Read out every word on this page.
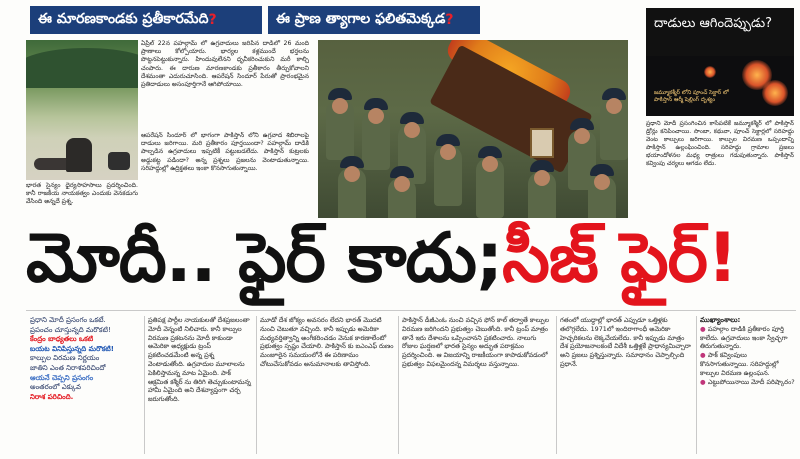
ఈ మారణకాండకు ప్రతీకారమేది ?	ఈ ప్రాణ త్యాగాల ఫలితమెక్కడ ?	దాడులు ఆగిందెప్పుడు?
ఏప్రిల్ 22న పహల్గామ్ లో ఉగ్రవాదులు జరిపిన దాడిలో 26 మంది ప్రాణాలు కోల్పోయారు. భార్యల కళ్లముందే భర్తలను పొట్టనపెట్టుకున్నారు. హిందువులేనని ధృవీకరించుకుని మరీ కాల్చి చంపారు. ఈ దారుణ మారణకాండకు ప్రతీకారం తీర్చుకోవాలని దేశమంతా ఎదురుచూసింది. ఆపరేషన్ సిందూర్ పేరుతో ప్రారంభమైన ప్రతిదాడులు అసంపూర్తిగానే ఆగిపోయాయి.
ఆపరేషన్ సిందూర్ లో భాగంగా పాకిస్తాన్ లోని ఉగ్రవాద శిబిరాలపై దాడులు జరిగాయి. మరి ప్రతీకారం పూర్తయిందా? పహల్గామ్ దాడికి పాల్పడిన ఉగ్రవాదులు ఇప్పటికీ పట్టుబడలేదు. పాకిస్తాన్ కుట్రలకు అడ్డుకట్ట పడిందా? అన్న ప్రశ్నలు ప్రజలను వెంటాడుతున్నాయి. సరిహద్దుల్లో ఉద్రిక్తతలు ఇంకా కొనసాగుతున్నాయి.
భారత సైన్యం ధైర్యసాహసాలు ప్రదర్శించింది. కానీ రాజకీయ నాయకత్వం ఎందుకు వెనకడుగు వేసింది అన్నదే ప్రశ్న.
జమ్మూకశ్మీర్ లోని పూంచ్ సెక్టార్ లో పాకిస్తాన్ ఆర్మీ షెల్లింగ్ దృశ్యం
ప్రధాని మోదీ ప్రసంగించిన కాసేపటికే జమ్మూకశ్మీర్ లో పాకిస్తాన్ డ్రోన్లు కనిపించాయి. సాంబా, కథువా, పూంచ్ సెక్టార్లలో సరిహద్దు వెంట కాల్పులు జరిగాయి. కాల్పుల విరమణ ఒప్పందాన్ని పాకిస్తాన్ ఉల్లంఘించింది. సరిహద్దు గ్రామాల ప్రజలు భయాందోళనల మధ్య రాత్రులు గడుపుతున్నారు. పాకిస్తాన్ కవ్వింపు చర్యలు ఆగడం లేదు.
మోదీ.. ఫైర్ కాదు; సీజ్ ఫైర్!
ప్రధాని మోదీ ప్రసంగం ఒకటే.
ప్రపంచం చూస్తున్నది మరొకటి!
కేంద్రం బాధ్యతలు ఒకటి
బయట వినిపిస్తున్నది మరొకటి!
కాల్పుల విరమణ నిర్ణయం
జాతిని ఎంత నిరాశపరిచిందో
ఆయనే చెప్పని ప్రసంగం
అంతరంలో ఎక్కువ
నిరాశ పరిచింది.
ప్రతిపక్ష పార్టీల నాయకులతో దేశప్రజలంతా మోదీ వెన్నంటి నిలిచారు. కానీ కాల్పుల విరమణ ప్రకటనను మోదీ కాకుండా అమెరికా అధ్యక్షుడు ట్రంప్ ప్రకటించడమేంటి అన్న ప్రశ్న వెంటాడుతోంది. ఉగ్రవాదుల మూలాలను పెకిలిస్తామన్న మాట ఏమైంది. పాక్ ఆక్రమిత కశ్మీర్ ను తిరిగి తెచ్చుకుంటామన్న హామీ ఏమైంది అని దేశవ్యాప్తంగా చర్చ జరుగుతోంది.
మూడో దేశ జోక్యం అవసరం లేదని భారత్ మొదటి నుంచి చెబుతూ వచ్చింది. కానీ ఇప్పుడు అమెరికా మధ్యవర్తిత్వాన్ని అంగీకరించడం వెనుక కారణాలేంటో ప్రభుత్వం స్పష్టం చేయాలి. పాకిస్తాన్ కు ఐఎంఎఫ్ రుణం మంజూరైన సమయంలోనే ఈ పరిణామం చోటుచేసుకోవడం అనుమానాలకు తావిస్తోంది.
పాకిస్తాన్ డీజీఎంఓ నుంచి వచ్చిన ఫోన్ కాల్ తర్వాతే కాల్పుల విరమణ జరిగిందని ప్రభుత్వం చెబుతోంది. కానీ ట్రంప్ మాత్రం తానే ఇరు దేశాలను ఒప్పించానని ప్రకటించారు. నాలుగు రోజుల ఘర్షణలో భారత సైన్యం అద్భుత పరాక్రమం ప్రదర్శించింది. ఆ విజయాన్ని రాజకీయంగా కాపాడుకోవడంలో ప్రభుత్వం విఫలమైందన్న విమర్శలు వస్తున్నాయి.
గతంలో యుద్ధాల్లో భారత్ ఎప్పుడూ ఒత్తిళ్లకు తలొగ్గలేదు. 1971లో ఇందిరాగాంధీ అమెరికా హెచ్చరికలను లెక్కచేయలేదు. కానీ ఇప్పుడు మాత్రం దేశ ప్రయోజనాలకంటే విదేశీ ఒత్తిళ్లకే ప్రాధాన్యమిచ్చారా అని ప్రజలు ప్రశ్నిస్తున్నారు. సమాధానం చెప్పాల్సింది ప్రధానే.
ముఖ్యాంశాలు:
● పహల్గాం దాడికి ప్రతీకారం పూర్తి కాలేదు. ఉగ్రవాదులు ఇంకా స్వేచ్ఛగా తిరుగుతున్నారు.
● పాక్ కవ్వింపులు కొనసాగుతున్నాయి. సరిహద్దుల్లో కాల్పుల విరమణ ఉల్లంఘన.
● ఎట్టుపోయినాయి మోదీ పరిష్కారం?
